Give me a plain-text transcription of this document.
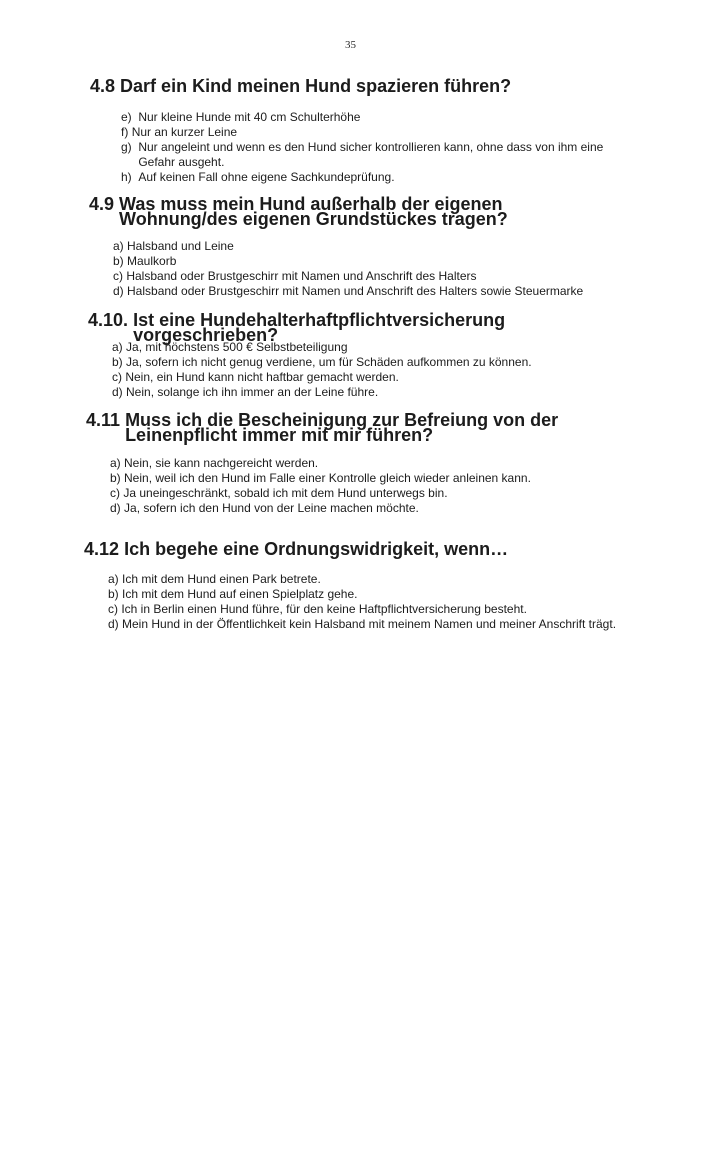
35
4.8
Darf ein Kind meinen Hund spazieren führen?
e)
Nur kleine Hunde mit 40 cm Schulterhöhe
f)
Nur an kurzer Leine
g)
Nur angeleint und wenn es den Hund sicher kontrollieren kann, ohne dass von ihm eine Gefahr ausgeht.
h)
Auf keinen Fall ohne eigene Sachkundeprüfung.
4.9
Was muss mein Hund außerhalb der eigenen Wohnung/des eigenen Grundstückes tragen?
a)
Halsband und Leine
b)
Maulkorb
c)
Halsband oder Brustgeschirr mit Namen und Anschrift des Halters
d)
Halsband oder Brustgeschirr mit Namen und Anschrift des Halters sowie Steuermarke
4.10.
Ist eine Hundehalterhaftpflichtversicherung vorgeschrieben?
a)
Ja, mit höchstens 500 € Selbstbeteiligung
b)
Ja, sofern ich nicht genug verdiene, um für Schäden aufkommen zu können.
c)
Nein, ein Hund kann nicht haftbar gemacht werden.
d)
Nein, solange ich ihn immer an der Leine führe.
4.11
Muss ich die Bescheinigung zur Befreiung von der Leinenpflicht immer mit mir führen?
a)
Nein, sie kann nachgereicht werden.
b)
Nein, weil ich den Hund im Falle einer Kontrolle gleich wieder anleinen kann.
c)
Ja uneingeschränkt, sobald ich mit dem Hund unterwegs bin.
d)
Ja, sofern ich den Hund von der Leine machen möchte.
4.12
Ich begehe eine Ordnungswidrigkeit, wenn…
a)
Ich mit dem Hund einen Park betrete.
b)
Ich mit dem Hund auf einen Spielplatz gehe.
c)
Ich in Berlin einen Hund führe, für den keine Haftpflichtversicherung besteht.
d)
Mein Hund in der Öffentlichkeit kein Halsband mit meinem Namen und meiner Anschrift trägt.
